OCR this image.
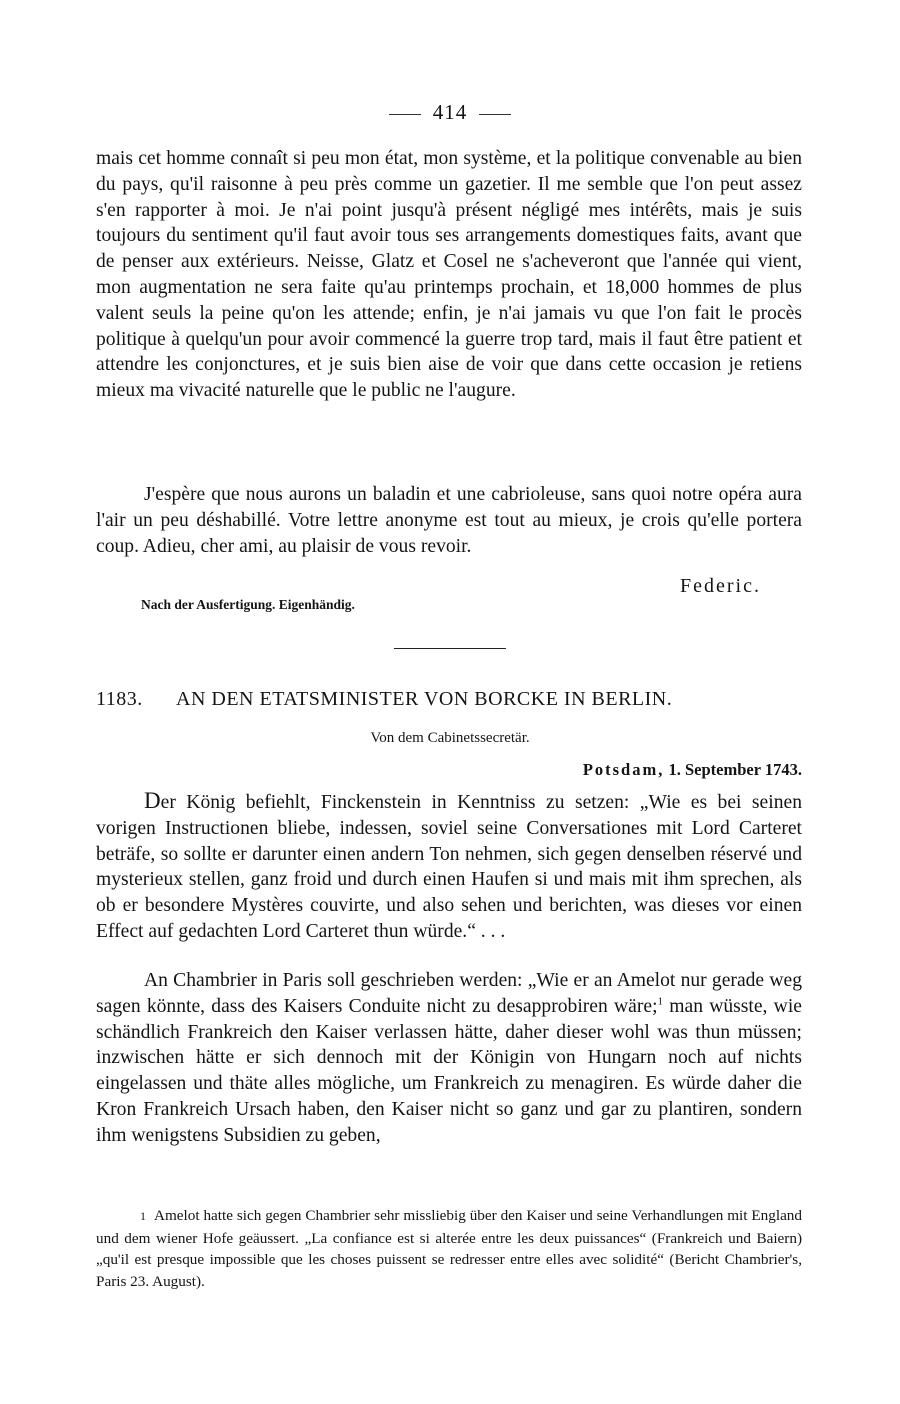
414
mais cet homme connaît si peu mon état, mon système, et la politique convenable au bien du pays, qu'il raisonne à peu près comme un gazetier. Il me semble que l'on peut assez s'en rapporter à moi. Je n'ai point jusqu'à présent négligé mes intérêts, mais je suis toujours du sentiment qu'il faut avoir tous ses arrangements domestiques faits, avant que de penser aux extérieurs. Neisse, Glatz et Cosel ne s'acheveront que l'année qui vient, mon augmentation ne sera faite qu'au printemps prochain, et 18,000 hommes de plus valent seuls la peine qu'on les attende; enfin, je n'ai jamais vu que l'on fait le procès politique à quelqu'un pour avoir commencé la guerre trop tard, mais il faut être patient et attendre les conjonctures, et je suis bien aise de voir que dans cette occasion je retiens mieux ma vivacité naturelle que le public ne l'augure.
J'espère que nous aurons un baladin et une cabrioleuse, sans quoi notre opéra aura l'air un peu déshabillé. Votre lettre anonyme est tout au mieux, je crois qu'elle portera coup. Adieu, cher ami, au plaisir de vous revoir.
Federic.
Nach der Ausfertigung. Eigenhändig.
1183. AN DEN ETATSMINISTER VON BORCKE IN BERLIN.
Von dem Cabinetssecretär.
Potsdam, 1. September 1743.
Der König befiehlt, Finckenstein in Kenntniss zu setzen: „Wie es bei seinen vorigen Instructionen bliebe, indessen, soviel seine Conversationes mit Lord Carteret beträfe, so sollte er darunter einen andern Ton nehmen, sich gegen denselben réservé und mysterieux stellen, ganz froid und durch einen Haufen si und mais mit ihm sprechen, als ob er besondere Mystères couvirte, und also sehen und berichten, was dieses vor einen Effect auf gedachten Lord Carteret thun würde.“ . . .
An Chambrier in Paris soll geschrieben werden: „Wie er an Amelot nur gerade weg sagen könnte, dass des Kaisers Conduite nicht zu desapprobiren wäre;$^1$ man wüsste, wie schändlich Frankreich den Kaiser verlassen hätte, daher dieser wohl was thun müssen; inzwischen hätte er sich dennoch mit der Königin von Hungarn noch auf nichts eingelassen und thäte alles mögliche, um Frankreich zu menagiren. Es würde daher die Kron Frankreich Ursach haben, den Kaiser nicht so ganz und gar zu plantiren, sondern ihm wenigstens Subsidien zu geben,
1 Amelot hatte sich gegen Chambrier sehr missliebig über den Kaiser und seine Verhandlungen mit England und dem wiener Hofe geäussert. „La confiance est si alterée entre les deux puissances“ (Frankreich und Baiern) „qu'il est presque impossible que les choses puissent se redresser entre elles avec solidité“ (Bericht Chambrier's, Paris 23. August).
